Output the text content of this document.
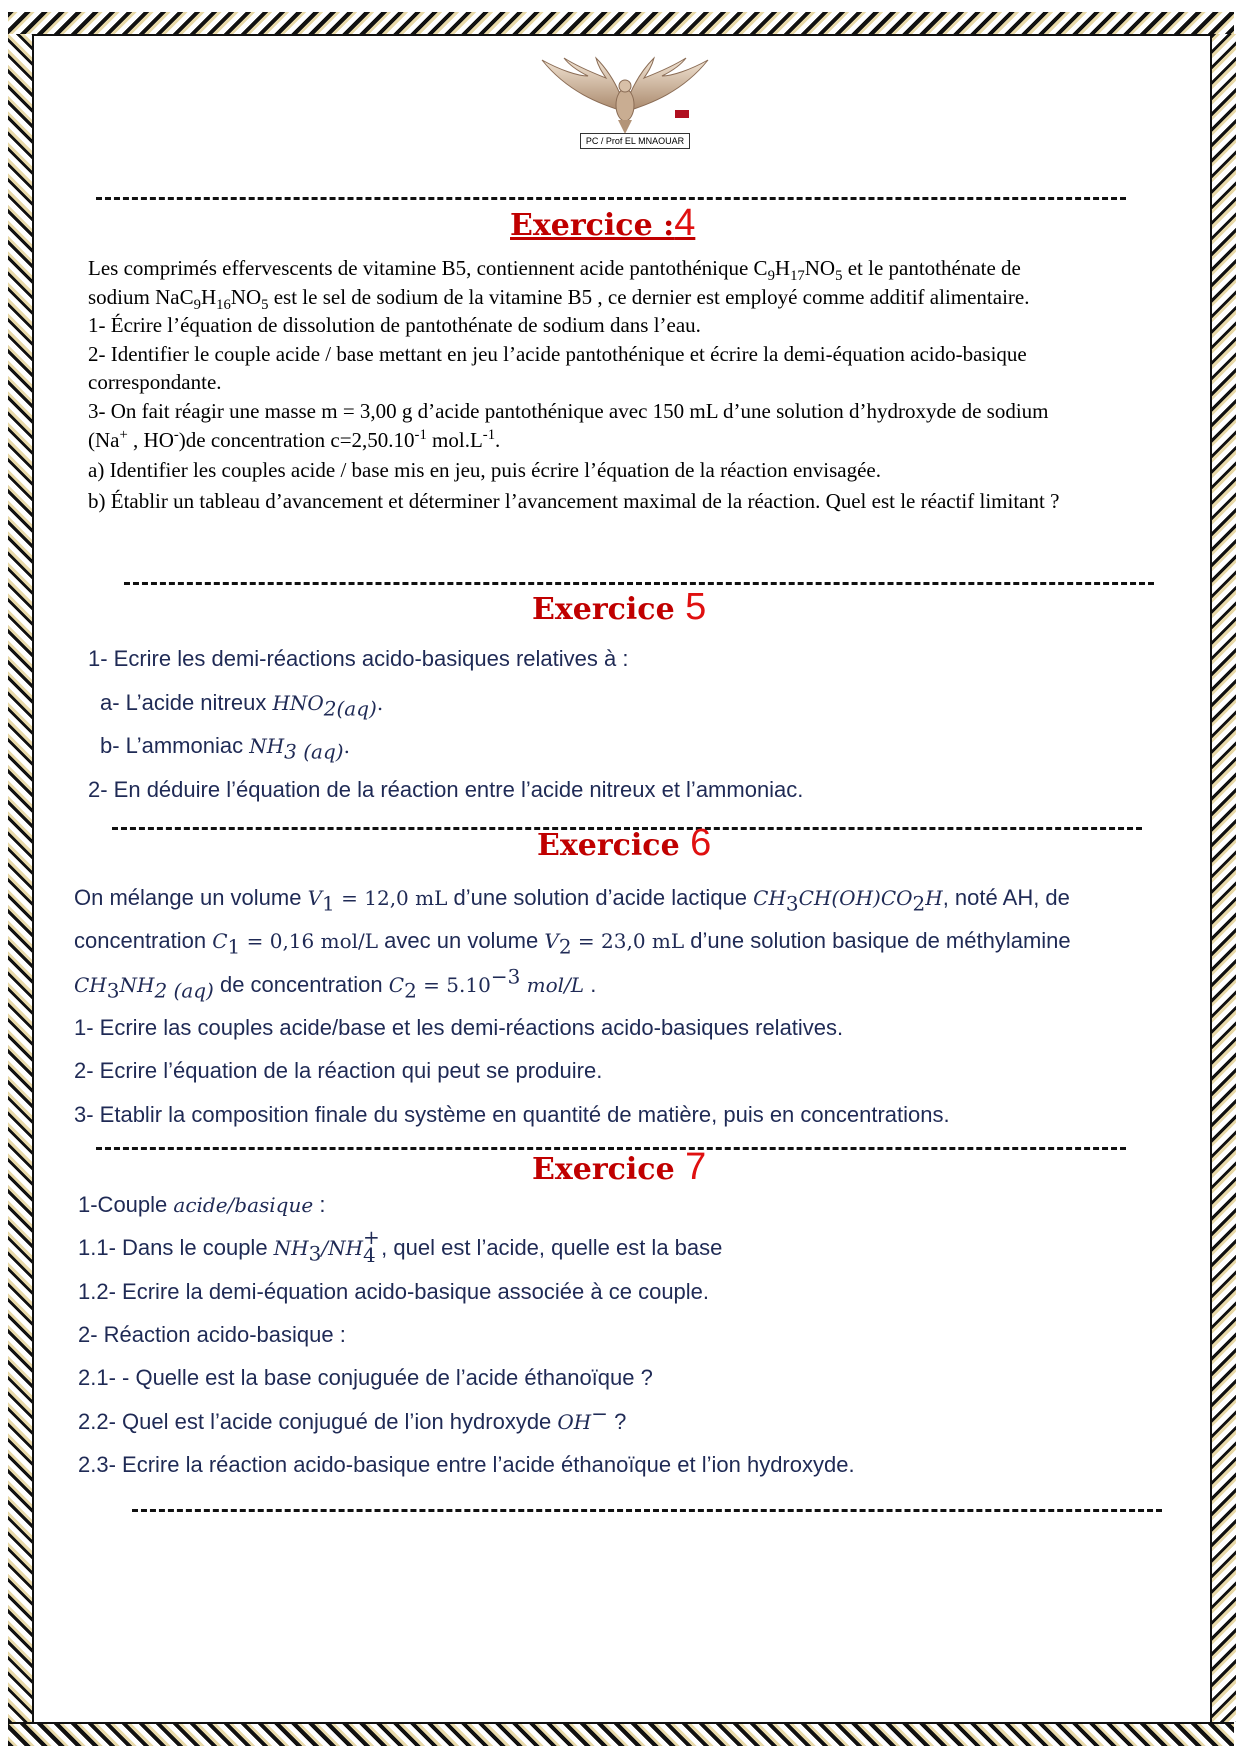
PC / Prof EL MNAOUAR
Exercice :4

Les comprimés effervescents de vitamine B5, contiennent acide pantothénique $C_9H_{17}NO_5$ et le pantothénate de sodium $NaC_9H_{16}NO_5$ est le sel de sodium de la vitamine B5 , ce dernier est employé comme additif alimentaire.

1- Écrire l’équation de dissolution de pantothénate de sodium dans l’eau.

2- Identifier le couple acide / base mettant en jeu l’acide pantothénique et écrire la demi-équation acido-basique correspondante.

3- On fait réagir une masse m = 3,00 g d’acide pantothénique avec 150 mL d’une solution d’hydroxyde de sodium (Na+ , HO-)de concentration $c=2,50.10^{-1}$ $mol.L^{-1}$.

a) Identifier les couples acide / base mis en jeu, puis écrire l’équation de la réaction envisagée.

b) Établir un tableau d’avancement et déterminer l’avancement maximal de la réaction. Quel est le réactif limitant ?

Exercice 5
1- Ecrire les demi-réactions acido-basiques relatives à :
a- L’acide nitreux $HNO_{2(aq)}$.
b- L’ammoniac $NH_{3 (aq)}$.
2- En déduire l’équation de la réaction entre l’acide nitreux et l’ammoniac.
Exercice 6
On mélange un volume $V_1 = 12,0$ mL d’une solution d’acide lactique $CH_3CH(OH)CO_2H$, noté AH, de
concentration $C_1 = 0,16$ mol/L avec un volume $V_2 = 23,0$ mL d’une solution basique de méthylamine
$CH_3NH_{2 (aq)}$ de concentration $C_2 = 5.10^{-3}$ mol/L .
1- Ecrire las couples acide/base et les demi-réactions acido-basiques relatives.
2- Ecrire l’équation de la réaction qui peut se produire.
3- Etablir la composition finale du système en quantité de matière, puis en concentrations.
Exercice 7
1-Couple acide/basique :
1.1- Dans le couple $NH_3/NH$ +
4 , quel est l’acide, quelle est la base
1.2- Ecrire la demi-équation acido-basique associée à ce couple.
2- Réaction acido-basique :
2.1- - Quelle est la base conjuguée de l’acide éthanoïque ?
2.2- Quel est l’acide conjugué de l’ion hydroxyde OH− ?
2.3- Ecrire la réaction acido-basique entre l’acide éthanoïque et l’ion hydroxyde.
